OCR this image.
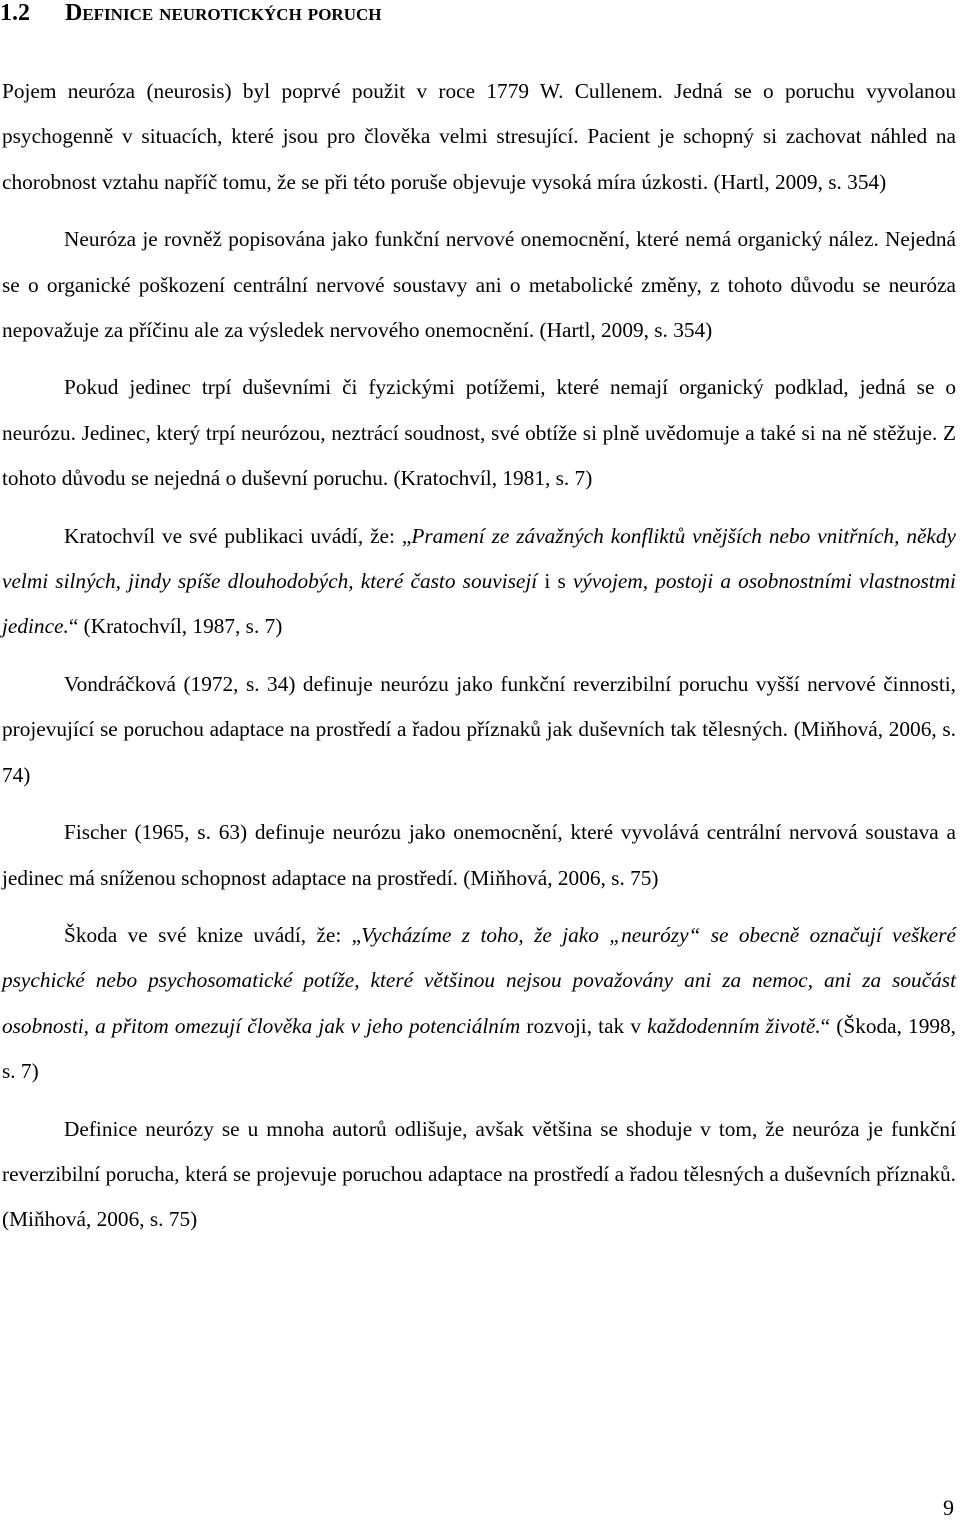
1.2 Definice neurotických poruch

Pojem neuróza (neurosis) byl poprvé použit v roce 1779 W. Cullenem. Jedná se o poruchu vyvolanou psychogenně v situacích, které jsou pro člověka velmi stresující. Pacient je schopný si zachovat náhled na chorobnost vztahu napříč tomu, že se při této poruše objevuje vysoká míra úzkosti. (Hartl, 2009, s. 354)

Neuróza je rovněž popisována jako funkční nervové onemocnění, které nemá organický nález. Nejedná se o organické poškození centrální nervové soustavy ani o metabolické změny, z tohoto důvodu se neuróza nepovažuje za příčinu ale za výsledek nervového onemocnění. (Hartl, 2009, s. 354)

Pokud jedinec trpí duševními či fyzickými potížemi, které nemají organický podklad, jedná se o neurózu. Jedinec, který trpí neurózou, neztrácí soudnost, své obtíže si plně uvědomuje a také si na ně stěžuje. Z tohoto důvodu se nejedná o duševní poruchu. (Kratochvíl, 1981, s. 7)

Kratochvíl ve své publikaci uvádí, že: „Pramení ze závažných konfliktů vnějších nebo vnitřních, někdy velmi silných, jindy spíše dlouhodobých, které často souvisejí i s vývojem, postoji a osobnostními vlastnostmi jedince.“ (Kratochvíl, 1987, s. 7)

Vondráčková (1972, s. 34) definuje neurózu jako funkční reverzibilní poruchu vyšší nervové činnosti, projevující se poruchou adaptace na prostředí a řadou příznaků jak duševních tak tělesných. (Miňhová, 2006, s. 74)

Fischer (1965, s. 63) definuje neurózu jako onemocnění, které vyvolává centrální nervová soustava a jedinec má sníženou schopnost adaptace na prostředí. (Miňhová, 2006, s. 75)

Škoda ve své knize uvádí, že: „Vycházíme z toho, že jako „neurózy“ se obecně označují veškeré psychické nebo psychosomatické potíže, které většinou nejsou považovány ani za nemoc, ani za součást osobnosti, a přitom omezují člověka jak v jeho potenciálním rozvoji, tak v každodenním životě.“ (Škoda, 1998, s. 7)

Definice neurózy se u mnoha autorů odlišuje, avšak většina se shoduje v tom, že neuróza je funkční reverzibilní porucha, která se projevuje poruchou adaptace na prostředí a řadou tělesných a duševních příznaků. (Miňhová, 2006, s. 75)

9
